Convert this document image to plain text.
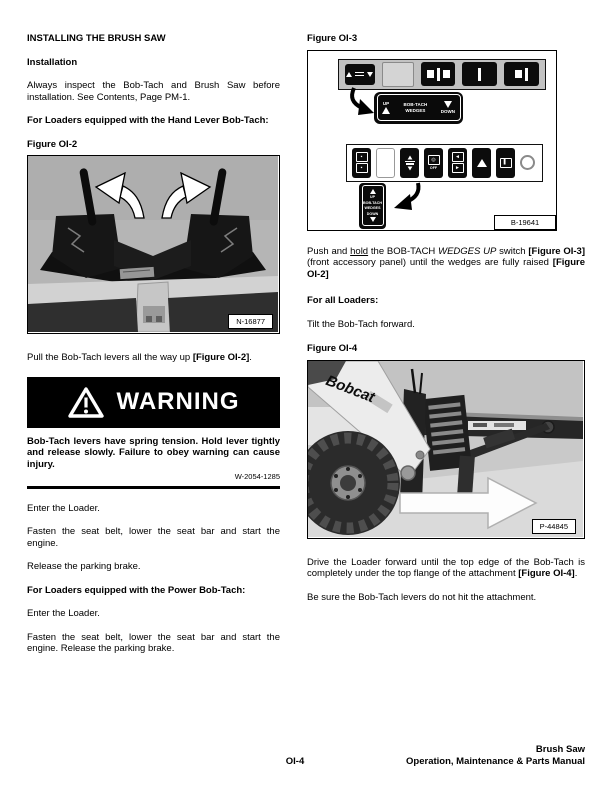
INSTALLING THE BRUSH SAW
Installation

Always inspect the Bob-Tach and Brush Saw before installation. See Contents, Page PM-1.

For Loaders equipped with the Hand Lever Bob-Tach:

Figure OI-2

N-16877

Pull the Bob-Tach levers all the way up [Figure OI-2].

WARNING

Bob-Tach levers have spring tension. Hold lever tightly and release slowly. Failure to obey warning can cause injury.

W-2054-1285

Enter the Loader.

Fasten the seat belt, lower the seat bar and start the engine.

Release the parking brake.

For Loaders equipped with the Power Bob-Tach:

Enter the Loader.

Fasten the seat belt, lower the seat bar and start the engine. Release the parking brake.

Figure OI-3

UP	BOB-TACH
WEDGES	DOWN
▪
▪
◎
OFF
◄
►
▌
UP
BOB-TACH
WEDGES
DOWN
B-19641

Push and hold the BOB-TACH WEDGES UP switch [Figure OI-3] (front accessory panel) until the wedges are fully raised [Figure OI-2]

For all Loaders:

Tilt the Bob-Tach forward.

Figure OI-4

Bobcat
P-44845

Drive the Loader forward until the top edge of the Bob-Tach is completely under the top flange of the attachment [Figure OI-4].

Be sure the Bob-Tach levers do not hit the attachment.

OI-4
Brush Saw
Operation, Maintenance & Parts Manual
